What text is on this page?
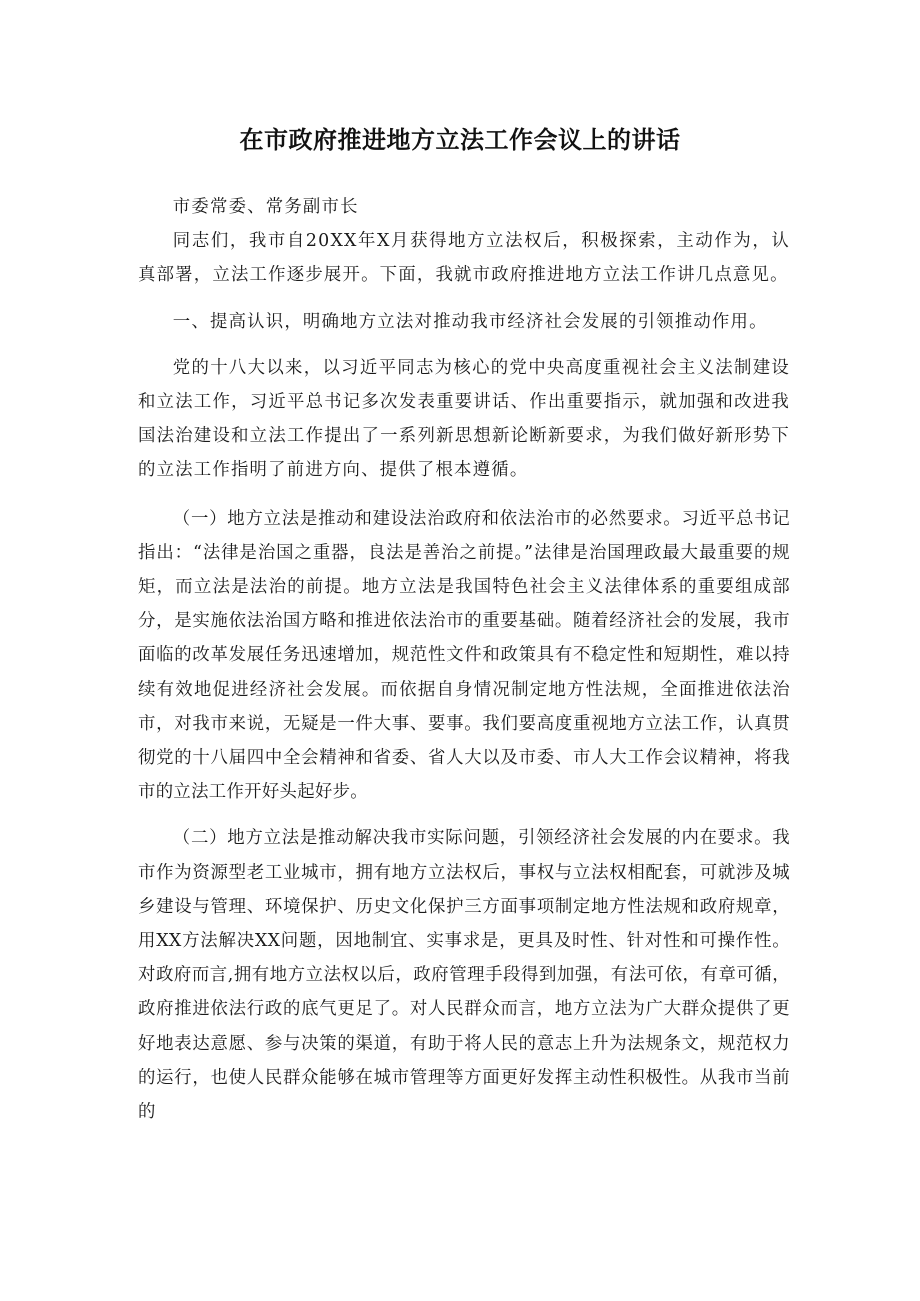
在市政府推进地方立法工作会议上的讲话

市委常委、常务副市长

同志们，我市自20XX年X月获得地方立法权后，积极探索，主动作为，认真部署，立法工作逐步展开。下面，我就市政府推进地方立法工作讲几点意见。

一、提高认识，明确地方立法对推动我市经济社会发展的引领推动作用。

党的十八大以来，以习近平同志为核心的党中央高度重视社会主义法制建设和立法工作，习近平总书记多次发表重要讲话、作出重要指示，就加强和改进我国法治建设和立法工作提出了一系列新思想新论断新要求，为我们做好新形势下的立法工作指明了前进方向、提供了根本遵循。

（一）地方立法是推动和建设法治政府和依法治市的必然要求。习近平总书记指出：“法律是治国之重器，良法是善治之前提。”法律是治国理政最大最重要的规矩，而立法是法治的前提。地方立法是我国特色社会主义法律体系的重要组成部分，是实施依法治国方略和推进依法治市的重要基础。随着经济社会的发展，我市面临的改革发展任务迅速增加，规范性文件和政策具有不稳定性和短期性，难以持续有效地促进经济社会发展。而依据自身情况制定地方性法规，全面推进依法治市，对我市来说，无疑是一件大事、要事。我们要高度重视地方立法工作，认真贯彻党的十八届四中全会精神和省委、省人大以及市委、市人大工作会议精神，将我市的立法工作开好头起好步。

（二）地方立法是推动解决我市实际问题，引领经济社会发展的内在要求。我市作为资源型老工业城市，拥有地方立法权后，事权与立法权相配套，可就涉及城乡建设与管理、环境保护、历史文化保护三方面事项制定地方性法规和政府规章，用XX方法解决XX问题，因地制宜、实事求是，更具及时性、针对性和可操作性。对政府而言,拥有地方立法权以后，政府管理手段得到加强，有法可依，有章可循，政府推进依法行政的底气更足了。对人民群众而言，地方立法为广大群众提供了更好地表达意愿、参与决策的渠道，有助于将人民的意志上升为法规条文，规范权力的运行，也使人民群众能够在城市管理等方面更好发挥主动性积极性。从我市当前的
